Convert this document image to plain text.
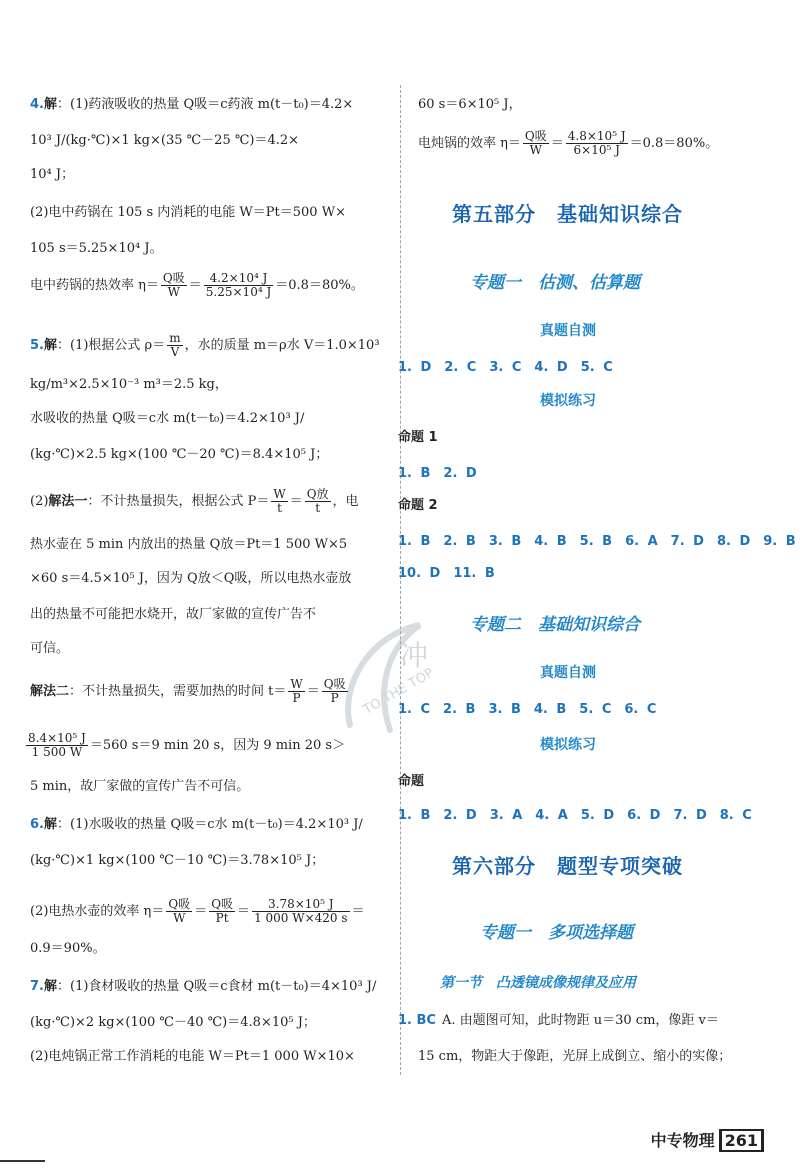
冲
TO THE TOP
4.解：(1)药液吸收的热量 Q吸＝c药液 m(t－t₀)＝4.2×
10³ J/(kg·℃)×1 kg×(35 ℃－25 ℃)＝4.2×
10⁴ J；
(2)电中药锅在 105 s 内消耗的电能 W＝Pt＝500 W×
105 s＝5.25×10⁴ J。
电中药锅的热效率 $\eta= \frac{\text{Q吸}}{W} = \frac{\text{4.2×10⁴ J}}{\text{5.25×10⁴ J}} =0.8=80\%$。
5.解：(1)根据公式 $\rho= \frac{m}{V}$ ，水的质量 m＝ρ水 V＝1.0×10³
kg/m³×2.5×10⁻³ m³＝2.5 kg，
水吸收的热量 Q吸＝c水 m(t－t₀)＝4.2×10³ J/
(kg·℃)×2.5 kg×(100 ℃－20 ℃)＝8.4×10⁵ J；
(2)解法一：不计热量损失，根据公式 $P= \frac{W}{t} = \frac{\text{Q放}}{t}$ ，电
热水壶在 5 min 内放出的热量 Q放＝Pt＝1 500 W×5
×60 s＝4.5×10⁵ J，因为 Q放＜Q吸，所以电热水壶放
出的热量不可能把水烧开，故厂家做的宣传广告不
可信。
解法二：不计热量损失，需要加热的时间 $t= \frac{W}{P} = \frac{\text{Q吸}}{P}$
$\frac{\text{8.4×10⁵ J}}{1 500 W} =560$ s＝9 min 20 s，因为 9 min 20 s＞
5 min，故厂家做的宣传广告不可信。
6.解：(1)水吸收的热量 Q吸＝c水 m(t－t₀)＝4.2×10³ J/
(kg·℃)×1 kg×(100 ℃－10 ℃)＝3.78×10⁵ J；
(2)电热水壶的效率 $\eta= \frac{\text{Q吸}}{W} = \frac{\text{Q吸}}{Pt} = \frac{\text{3.78×10⁵ J}}{1 000 W\times 420 s}$ ＝
0.9＝90%。
7.解：(1)食材吸收的热量 Q吸＝c食材 m(t－t₀)＝4×10³ J/
(kg·℃)×2 kg×(100 ℃－40 ℃)＝4.8×10⁵ J；
(2)电炖锅正常工作消耗的电能 W＝Pt＝1 000 W×10×
60 s＝6×10⁵ J，
电炖锅的效率 $\eta= \frac{\text{Q吸}}{W} = \frac{\text{4.8×10⁵ J}}{\text{6×10⁵ J}} =0.8=80\%$。
第五部分　基础知识综合
专题一　估测、估算题
真题自测
1. D　2. C　3. C　4. D　5. C
模拟练习
命题 1
1. B　2. D
命题 2
1. B　2. B　3. B　4. B　5. B　6. A　7. D　8. D　9. B
10. D　11. B
专题二　基础知识综合
真题自测
1. C　2. B　3. B　4. B　5. C　6. C
模拟练习
命题
1. B　2. D　3. A　4. A　5. D　6. D　7. D　8. C
第六部分　题型专项突破
专题一　多项选择题
第一节　凸透镜成像规律及应用
1. BC A. 由题图可知，此时物距 u＝30 cm，像距 v＝
15 cm，物距大于像距，光屏上成倒立、缩小的实像；
中专物理 261
